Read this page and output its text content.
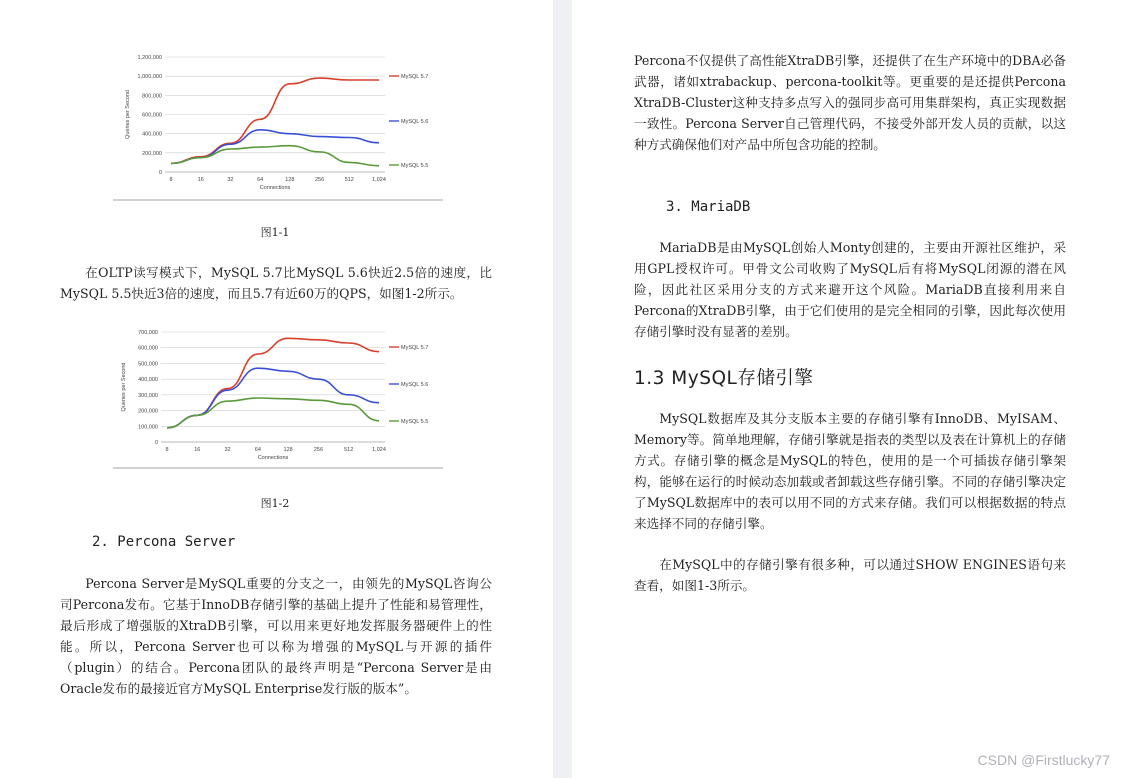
0
200,000
400,000
600,000
800,000
1,000,000
1,200,000
8	16	32	64	128	256	512	1,024
Connections
Queries per Second
MySQL 5.7
MySQL 5.6
MySQL 5.5
图1-1

在OLTP读写模式下，MySQL 5.7比MySQL 5.6快近2.5倍的速度，比MySQL 5.5快近3倍的速度，而且5.7有近60万的QPS，如图1-2所示。

0
100,000
200,000
300,000
400,000
500,000
600,000
700,000
8	16	32	64	128	256	512	1,024
Connections
Queries per Second
MySQL 5.7
MySQL 5.6
MySQL 5.5
图1-2
2. Percona Server

Percona Server是MySQL重要的分支之一，由领先的MySQL咨询公司Percona发布。它基于InnoDB存储引擎的基础上提升了性能和易管理性，最后形成了增强版的XtraDB引擎，可以用来更好地发挥服务器硬件上的性能。所以，Percona Server也可以称为增强的MySQL与开源的插件（plugin）的结合。Percona团队的最终声明是“Percona Server是由Oracle发布的最接近官方MySQL Enterprise发行版的版本”。

Percona不仅提供了高性能XtraDB引擎，还提供了在生产环境中的DBA必备武器，诸如xtrabackup、percona-toolkit等。更重要的是还提供Percona XtraDB-Cluster这种支持多点写入的强同步高可用集群架构，真正实现数据一致性。Percona Server自己管理代码，不接受外部开发人员的贡献，以这种方式确保他们对产品中所包含功能的控制。

3. MariaDB

MariaDB是由MySQL创始人Monty创建的，主要由开源社区维护，采用GPL授权许可。甲骨文公司收购了MySQL后有将MySQL闭源的潜在风险，因此社区采用分支的方式来避开这个风险。MariaDB直接利用来自Percona的XtraDB引擎，由于它们使用的是完全相同的引擎，因此每次使用存储引擎时没有显著的差别。

1.3 MySQL存储引擎

MySQL数据库及其分支版本主要的存储引擎有InnoDB、MyISAM、Memory等。简单地理解，存储引擎就是指表的类型以及表在计算机上的存储方式。存储引擎的概念是MySQL的特色，使用的是一个可插拔存储引擎架构，能够在运行的时候动态加载或者卸载这些存储引擎。不同的存储引擎决定了MySQL数据库中的表可以用不同的方式来存储。我们可以根据数据的特点来选择不同的存储引擎。

在MySQL中的存储引擎有很多种，可以通过SHOW ENGINES语句来查看，如图1-3所示。

CSDN @Firstlucky77
